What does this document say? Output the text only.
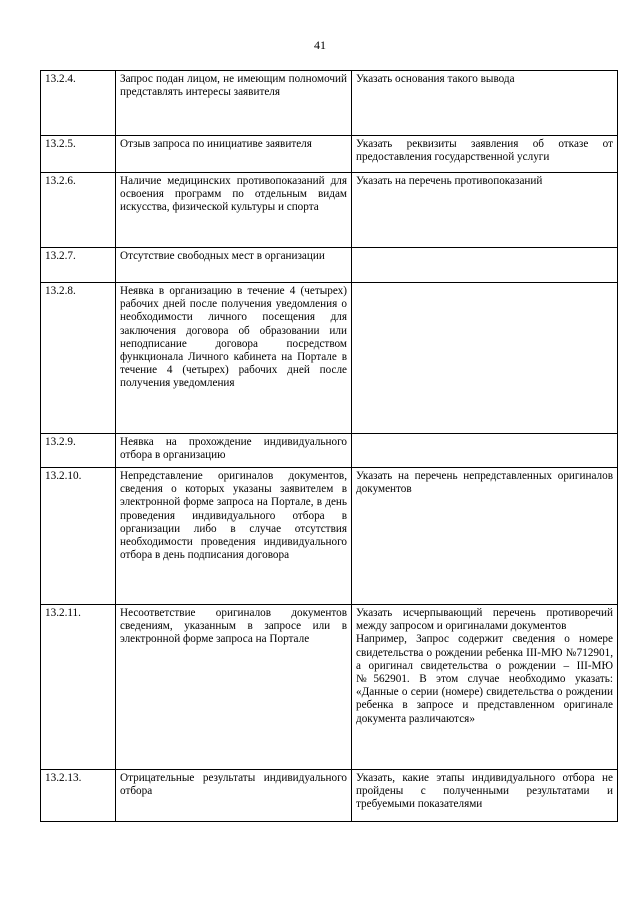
41
13.2.4.	Запрос подан лицом, не имеющим полномочий представлять интересы заявителя	Указать основания такого вывода
13.2.5.	Отзыв запроса по инициативе заявителя	Указать реквизиты заявления об отказе от предоставления государственной услуги
13.2.6.	Наличие медицинских противопоказаний для освоения программ по отдельным видам искусства, физической культуры и спорта	Указать на перечень противопоказаний
13.2.7.	Отсутствие свободных мест в организации	
13.2.8.	Неявка в организацию в течение 4 (четырех) рабочих дней после получения уведомления о необходимости личного посещения для заключения договора об образовании или неподписание договора посредством функционала Личного кабинета на Портале в течение 4 (четырех) рабочих дней после получения уведомления	
13.2.9.	Неявка на прохождение индивидуального отбора в организацию	
13.2.10.	Непредставление оригиналов документов, сведения о которых указаны заявителем в электронной форме запроса на Портале, в день проведения индивидуального отбора в организации либо в случае отсутствия необходимости проведения индивидуального отбора в день подписания договора	Указать на перечень непредставленных оригиналов документов
13.2.11.	Несоответствие оригиналов документов сведениям, указанным в запросе или в электронной форме запроса на Портале	Указать исчерпывающий перечень противоречий между запросом и оригиналами документов
Например, Запрос содержит сведения о номере свидетельства о рождении ребенка III-МЮ №712901, а оригинал свидетельства о рождении – III-МЮ №562901. В этом случае необходимо указать: «Данные о серии (номере) свидетельства о рождении ребенка в запросе и представленном оригинале документа различаются»

13.2.13.	Отрицательные результаты индивидуального отбора	Указать, какие этапы индивидуального отбора не пройдены с полученными результатами и требуемыми показателями
